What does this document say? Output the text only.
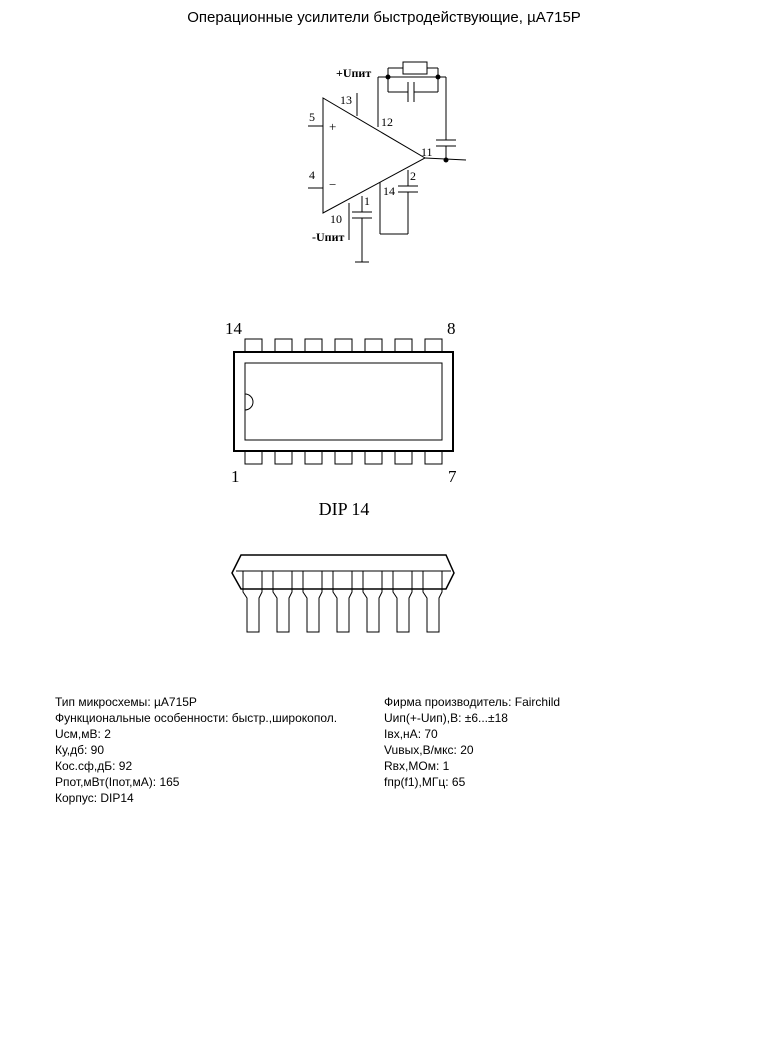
Операционные усилители быстродействующие, µA715P
+Uпит
-Uпит
+
−
13
5	12
11
4	2
14
1
10
14	8
1	7
DIP 14
Тип микросхемы: µA715P
Функциональные особенности: быстр.,широкопол.
Uсм,мВ: 2
Ку,дб: 90
Кос.сф,дБ: 92
Pпот,мВт(Iпот,мА): 165
Корпус: DIP14
Фирма производитель: Fairchild
Uип(+-Uип),В: ±6...±18
Iвх,нА: 70
Vuвых,В/мкс: 20
Rвх,МОм: 1
fпр(f1),МГц: 65
